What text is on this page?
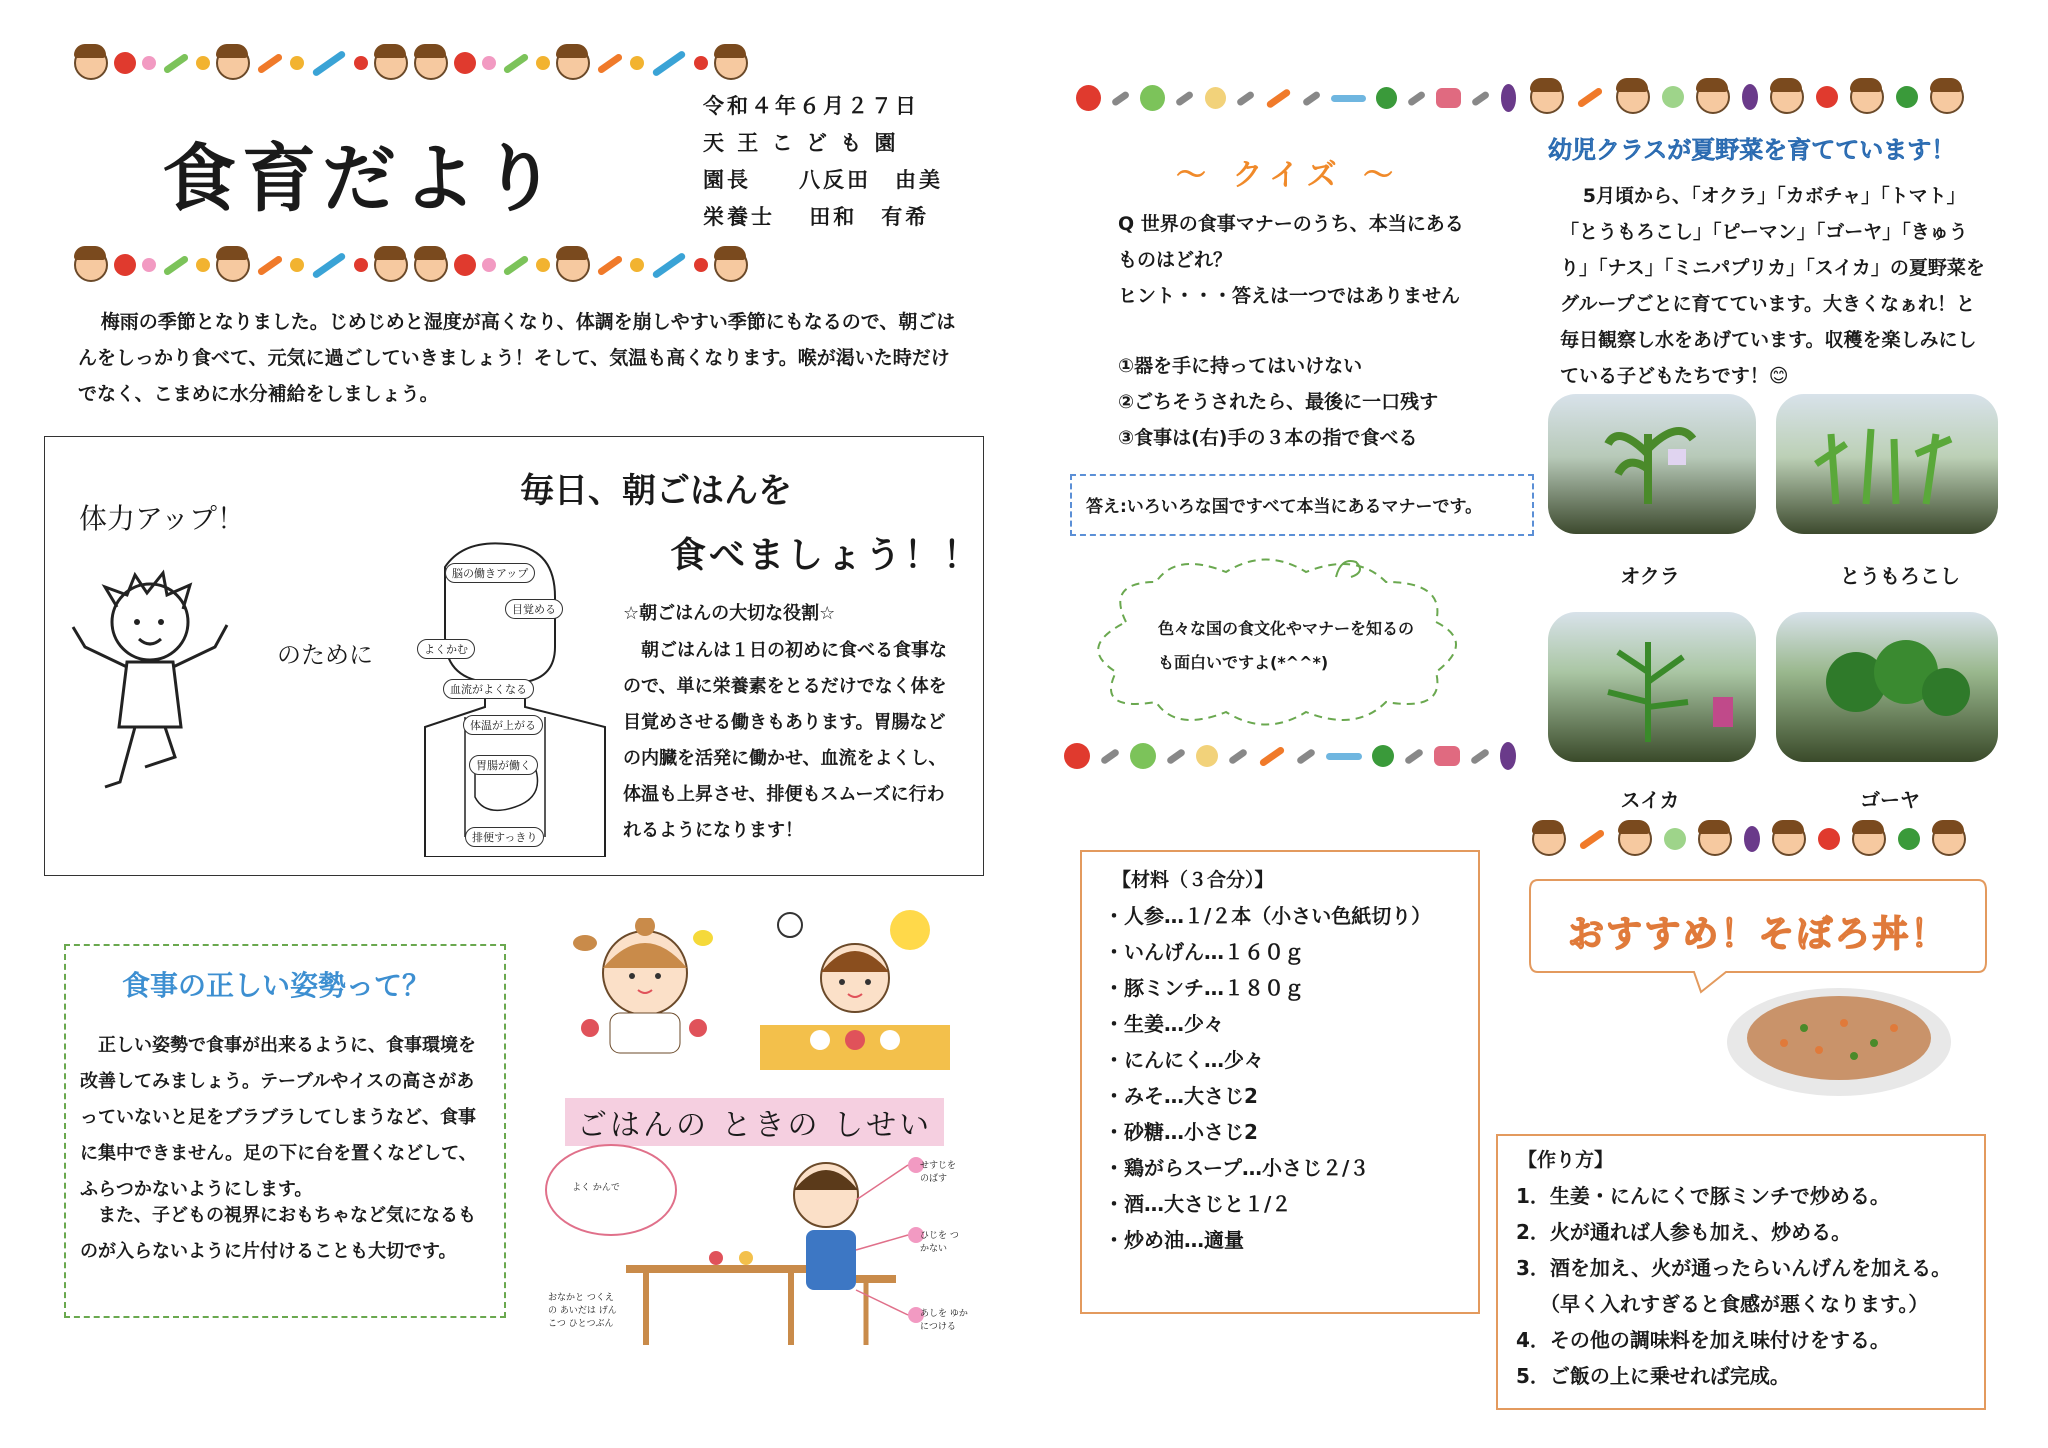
食育だより
令和４年６月２７日
天 王 こ ど も 園
園長　　八反田　由美
栄養士　 田和　有希
梅雨の季節となりました。じめじめと湿度が高くなり、体調を崩しやすい季節にもなるので、朝ごはんをしっかり食べて、元気に過ごしていきましょう！そして、気温も高くなります。喉が渇いた時だけでなく、こまめに水分補給をしましょう。
毎日、朝ごはんを
食べましょう！！
体力アップ！
のために
脳の働きアップ
目覚める
よくかむ
血流がよくなる
体温が上がる
胃腸が働く
排便すっきり
☆朝ごはんの大切な役割☆
朝ごはんは１日の初めに食べる食事なので、単に栄養素をとるだけでなく体を目覚めさせる働きもあります。胃腸などの内臓を活発に働かせ、血流をよくし、体温も上昇させ、排便もスムーズに行われるようになります！
食事の正しい姿勢って？
正しい姿勢で食事が出来るように、食事環境を改善してみましょう。テーブルやイスの高さがあっていないと足をブラブラしてしまうなど、食事に集中できません。足の下に台を置くなどして、ふらつかないようにします。
また、子どもの視界におもちゃなど気になるものが入らないように片付けることも大切です。
ごはんの ときの しせい
よく かんで
せすじを のばす
ひじを つかない
あしを ゆかにつける
おなかと つくえの あいだは げんこつ ひとつぶん
～ クイズ ～
Q 世界の食事マナーのうち、本当にあるものはどれ？
ヒント・・・答えは一つではありません
①器を手に持ってはいけない
②ごちそうされたら、最後に一口残す
③食事は(右)手の３本の指で食べる
答え:いろいろな国ですべて本当にあるマナーです。
色々な国の食文化やマナーを知るのも面白いですよ(*^^*)
幼児クラスが夏野菜を育てています！
5月頃から、「オクラ」「カボチャ」「トマト」「とうもろこし」「ピーマン」「ゴーヤ」「きゅうり」「ナス」「ミニパプリカ」「スイカ」の夏野菜をグループごとに育てています。大きくなぁれ！と毎日観察し水をあげています。収穫を楽しみにしている子どもたちです！😊
オクラ	とうもろこし
スイカ	ゴーヤ
【材料（３合分）】
・人参…１/２本（小さい色紙切り）
・いんげん…１６０ｇ
・豚ミンチ…１８０ｇ
・生姜…少々
・にんにく…少々
・みそ…大さじ2
・砂糖…小さじ2
・鶏がらスープ…小さじ２/３
・酒…大さじと１/２
・炒め油…適量
おすすめ！そぼろ丼！
【作り方】
1．生姜・にんにくで豚ミンチで炒める。
2．火が通れば人参も加え、炒める。
3．酒を加え、火が通ったらいんげんを加える。
（早く入れすぎると食感が悪くなります。）
4．その他の調味料を加え味付けをする。
5．ご飯の上に乗せれば完成。
